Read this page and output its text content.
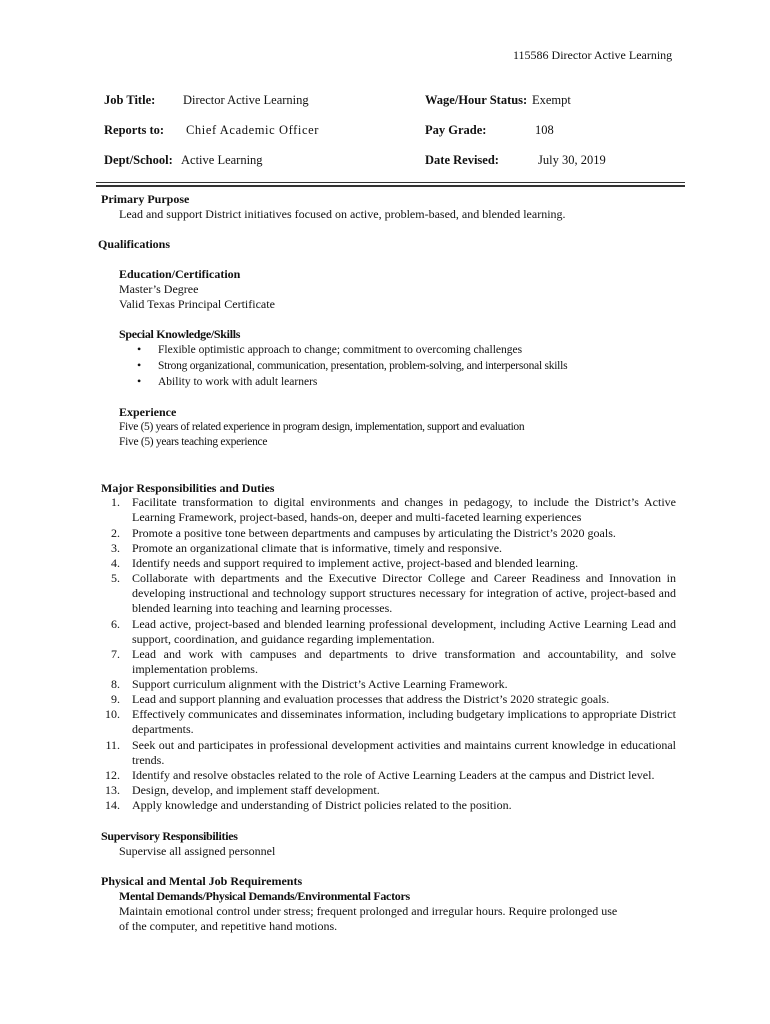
115586 Director Active Learning
Job Title: Director Active Learning	Wage/Hour Status: Exempt
Reports to: Chief Academic Officer	Pay Grade:	108
Dept/School: Active Learning	Date Revised:	July 30, 2019
Primary Purpose
Lead and support District initiatives focused on active, problem-based, and blended learning.
Qualifications
Education/Certification
Master’s Degree
Valid Texas Principal Certificate
Special Knowledge/Skills
• Flexible optimistic approach to change; commitment to overcoming challenges
• Strong organizational, communication, presentation, problem-solving, and interpersonal skills
• Ability to work with adult learners
Experience
Five (5) years of related experience in program design, implementation, support and evaluation
Five (5) years teaching experience
Major Responsibilities and Duties
1. Facilitate transformation to digital environments and changes in pedagogy, to include the District’s Active Learning Framework, project-based, hands-on, deeper and multi-faceted learning experiences
2. Promote a positive tone between departments and campuses by articulating the District’s 2020 goals.
3. Promote an organizational climate that is informative, timely and responsive.
4. Identify needs and support required to implement active, project-based and blended learning.
5. Collaborate with departments and the Executive Director College and Career Readiness and Innovation in developing instructional and technology support structures necessary for integration of active, project-based and blended learning into teaching and learning processes.
6. Lead active, project-based and blended learning professional development, including Active Learning Lead and support, coordination, and guidance regarding implementation.
7. Lead and work with campuses and departments to drive transformation and accountability, and solve implementation problems.
8. Support curriculum alignment with the District’s Active Learning Framework.
9. Lead and support planning and evaluation processes that address the District’s 2020 strategic goals.
10. Effectively communicates and disseminates information, including budgetary implications to appropriate District departments.
11. Seek out and participates in professional development activities and maintains current knowledge in educational trends.
12. Identify and resolve obstacles related to the role of Active Learning Leaders at the campus and District level.
13. Design, develop, and implement staff development.
14. Apply knowledge and understanding of District policies related to the position.
Supervisory Responsibilities
Supervise all assigned personnel
Physical and Mental Job Requirements
Mental Demands/Physical Demands/Environmental Factors
Maintain emotional control under stress; frequent prolonged and irregular hours. Require prolonged use
of the computer, and repetitive hand motions.
